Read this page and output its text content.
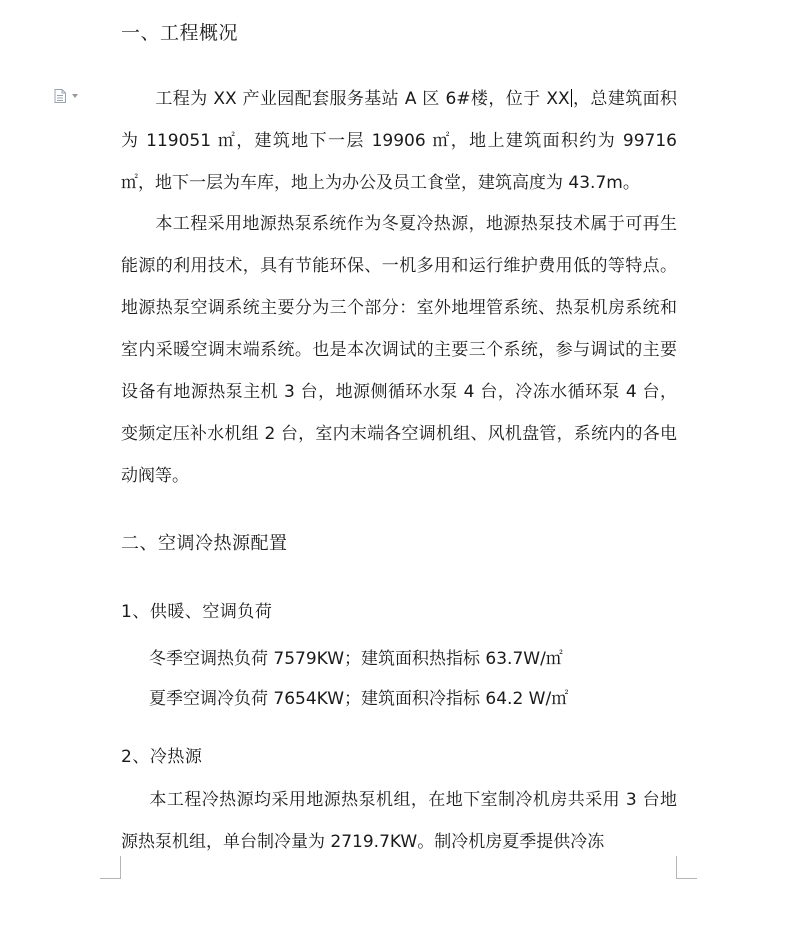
一、工程概况
工程为 XX 产业园配套服务基站 A 区 6#楼，位于 XX ，总建筑面积为 119051 ㎡，建筑地下一层 19906 ㎡，地上建筑面积约为 99716 ㎡，地下一层为车库，地上为办公及员工食堂，建筑高度为 43.7m。
本工程采用地源热泵系统作为冬夏冷热源，地源热泵技术属于可再生能源的利用技术，具有节能环保、一机多用和运行维护费用低的等特点。地源热泵空调系统主要分为三个部分：室外地埋管系统、热泵机房系统和室内采暖空调末端系统。也是本次调试的主要三个系统，参与调试的主要设备有地源热泵主机 3 台，地源侧循环水泵 4 台，冷冻水循环泵 4 台，变频定压补水机组 2 台，室内末端各空调机组、风机盘管，系统内的各电动阀等。
二、空调冷热源配置
1、供暖、空调负荷
冬季空调热负荷 7579KW；建筑面积热指标 63.7W/㎡
夏季空调冷负荷 7654KW；建筑面积冷指标 64.2 W/㎡
2、冷热源
本工程冷热源均采用地源热泵机组，在地下室制冷机房共采用 3 台地源热泵机组，单台制冷量为 2719.7KW。制冷机房夏季提供冷冻
